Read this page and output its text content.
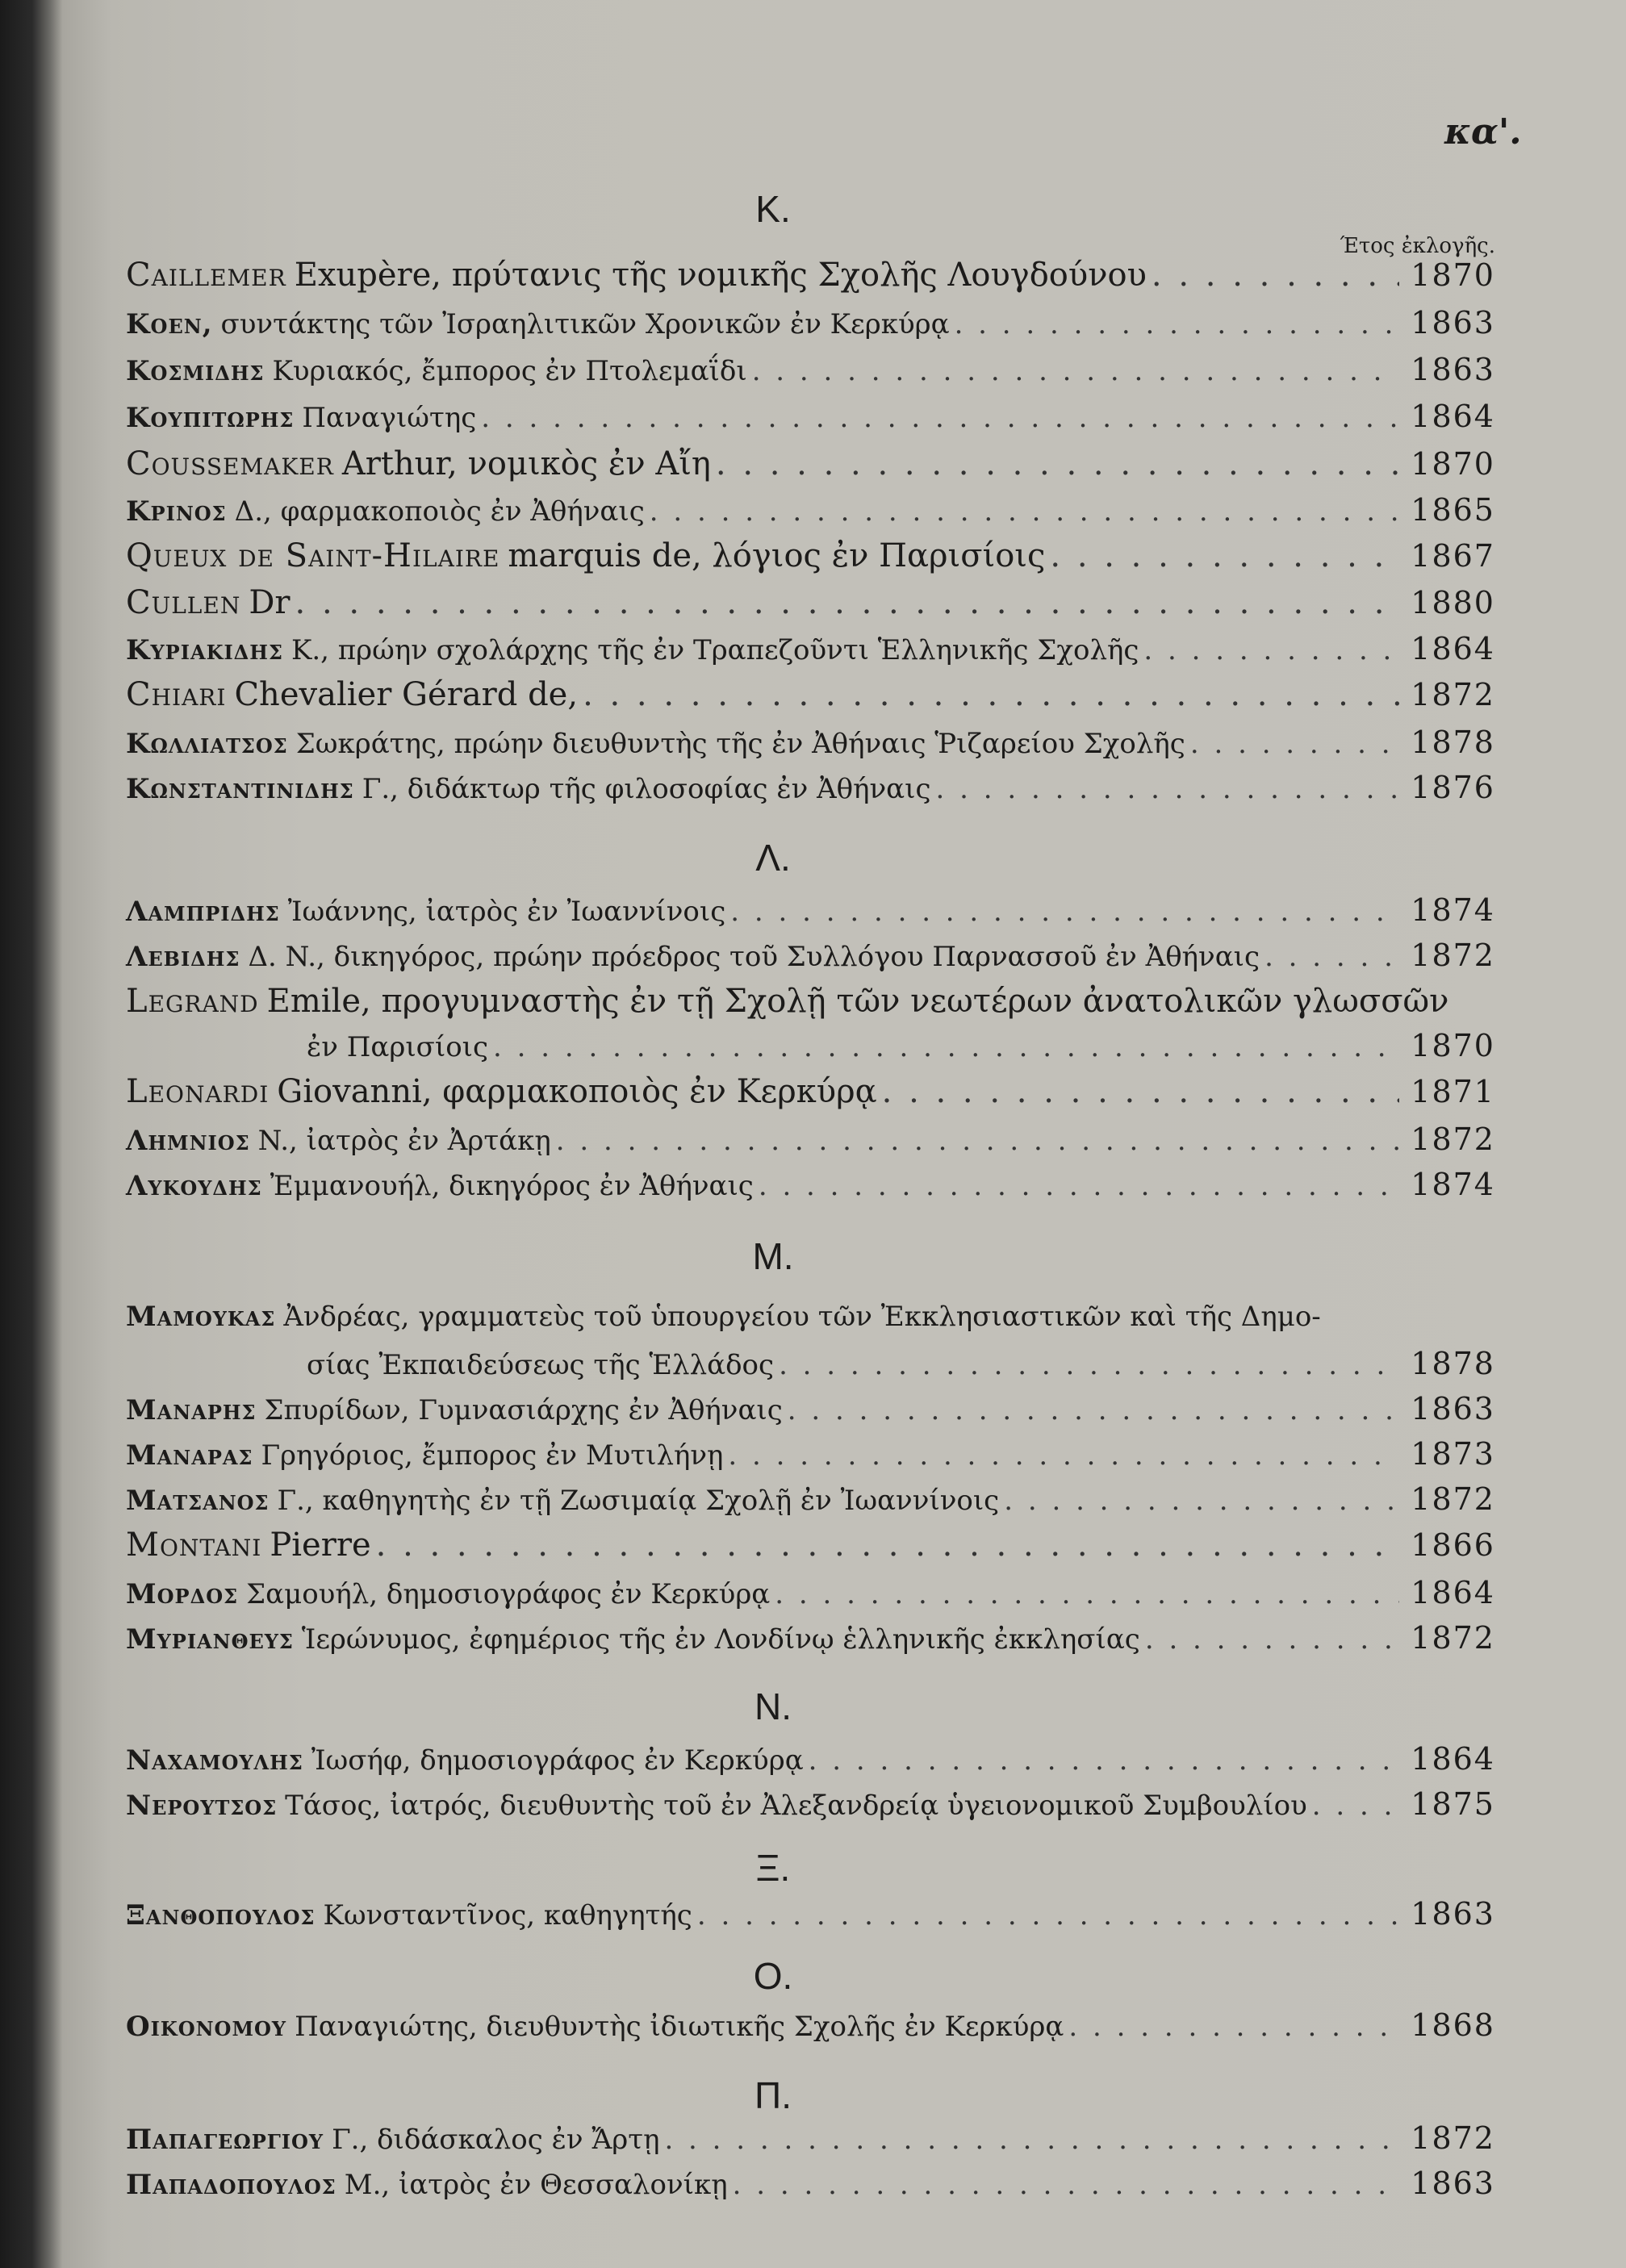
κα'.
Έτος ἐκλογῆς.
K.
Caillemer Exupère, πρύτανις τῆς νομικῆς Σχολῆς Λουγδούνου . . .	1870
Κοεν, συντάκτης τῶν Ἰσραηλιτικῶν Χρονικῶν ἐν Κερκύρᾳ . . .	1863
Κοσμιδης Κυριακός, ἔμπορος ἐν Πτολεμαΐδι . . .	1863
Κουπιτωρης Παναγιώτης . . .	1864
Coussemaker Arthur, νομικὸς ἐν Αἴη . . .	1870
Κρινος Δ., φαρμακοποιὸς ἐν Ἀθήναις . . .	1865
Queux de Saint-Hilaire marquis de, λόγιος ἐν Παρισίοις . . .	1867
Cullen Dr . . .	1880
Κυριακιδης K., πρώην σχολάρχης τῆς ἐν Τραπεζοῦντι Ἑλληνικῆς Σχολῆς . . .	1864
Chiari Chevalier Gérard de, . . .	1872
Κωλλιατσος Σωκράτης, πρώην διευθυντὴς τῆς ἐν Ἀθήναις Ῥιζαρείου Σχολῆς . . .	1878
Κωνσταντινιδης Γ., διδάκτωρ τῆς φιλοσοφίας ἐν Ἀθήναις . . .	1876
Λ.
Λαμπριδης Ἰωάννης, ἰατρὸς ἐν Ἰωαννίνοις . . .	1874
Λεβιδης Δ. N., δικηγόρος, πρώην πρόεδρος τοῦ Συλλόγου Παρνασσοῦ ἐν Ἀθήναις . . .	1872
Legrand Emile, προγυμναστὴς ἐν τῇ Σχολῇ τῶν νεωτέρων ἀνατολικῶν γλωσσῶν
ἐν Παρισίοις . . .	1870
Leonardi Giovanni, φαρμακοποιὸς ἐν Κερκύρᾳ . . .	1871
Λημνιος N., ἰατρὸς ἐν Ἀρτάκῃ . . .	1872
Λυκουδης Ἐμμανουήλ, δικηγόρος ἐν Ἀθήναις . . .	1874
M.
Μαμουκας Ἀνδρέας, γραμματεὺς τοῦ ὑπουργείου τῶν Ἐκκλησιαστικῶν καὶ τῆς Δημο-
σίας Ἐκπαιδεύσεως τῆς Ἑλλάδος . . .	1878
Μαναρης Σπυρίδων, Γυμνασιάρχης ἐν Ἀθήναις . . .	1863
Μαναρας Γρηγόριος, ἔμπορος ἐν Μυτιλήνῃ . . .	1873
Ματσανος Γ., καθηγητὴς ἐν τῇ Ζωσιμαίᾳ Σχολῇ ἐν Ἰωαννίνοις . . .	1872
Montani Pierre . . .	1866
Μορδος Σαμουήλ, δημοσιογράφος ἐν Κερκύρᾳ . . .	1864
Μυριανθευς Ἱερώνυμος, ἐφημέριος τῆς ἐν Λονδίνῳ ἑλληνικῆς ἐκκλησίας . . .	1872
N.
Ναχαμουλης Ἰωσήφ, δημοσιογράφος ἐν Κερκύρᾳ . . .	1864
Νερουτσος Τάσος, ἰατρός, διευθυντὴς τοῦ ἐν Ἀλεξανδρείᾳ ὑγειονομικοῦ Συμβουλίου . . .	1875
Ξ.
Ξανθοπουλος Κωνσταντῖνος, καθηγητής . . .	1863
O.
Οικονομου Παναγιώτης, διευθυντὴς ἰδιωτικῆς Σχολῆς ἐν Κερκύρᾳ . . .	1868
Π.
Παπαγεωργιου Γ., διδάσκαλος ἐν Ἄρτῃ . . .	1872
Παπαδοπουλος M., ἰατρὸς ἐν Θεσσαλονίκῃ . . .	1863
